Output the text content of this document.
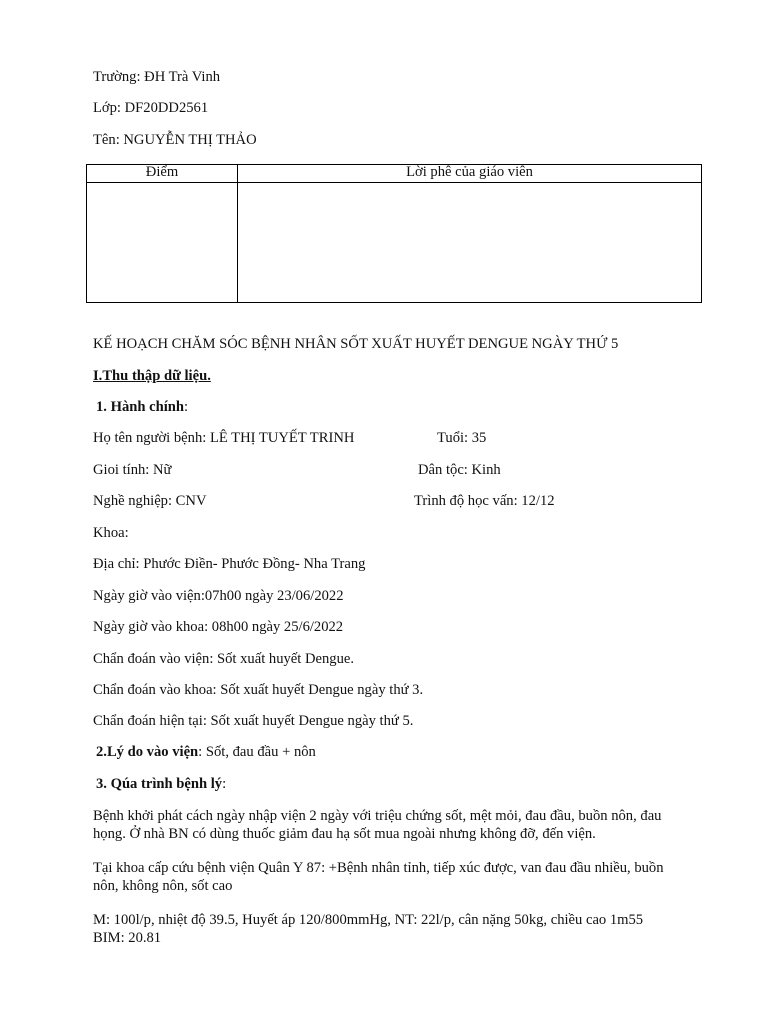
Trường: ĐH Trà Vinh
Lớp: DF20DD2561
Tên: NGUYỄN THỊ THẢO
Điểm	Lời phê của giáo viên
KẾ HOẠCH CHĂM SÓC BỆNH NHÂN SỐT XUẤT HUYẾT DENGUE NGÀY THỨ 5
I.Thu thập dữ liệu.
1. Hành chính:
Họ tên người bệnh: LÊ THỊ TUYẾT TRINH	Tuổi: 35
Gioi tính: Nữ	Dân tộc: Kinh
Nghề nghiệp: CNV	Trình độ học vấn: 12/12
Khoa:
Địa chỉ: Phước Điền- Phước Đồng- Nha Trang
Ngày giờ vào viện:07h00 ngày 23/06/2022
Ngày giờ vào khoa: 08h00 ngày 25/6/2022
Chẩn đoán vào viện: Sốt xuất huyết Dengue.
Chẩn đoán vào khoa: Sốt xuất huyết Dengue ngày thứ 3.
Chẩn đoán hiện tại: Sốt xuất huyết Dengue ngày thứ 5.
2.Lý do vào viện: Sốt, đau đầu + nôn
3. Qúa trình bệnh lý:
Bệnh khởi phát cách ngày nhập viện 2 ngày với triệu chứng sốt, mệt mỏi, đau đầu, buồn nôn, đau họng. Ở nhà BN có dùng thuốc giảm đau hạ sốt mua ngoài nhưng không đỡ, đến viện.
Tại khoa cấp cứu bệnh viện Quân Y 87: +Bệnh nhân tỉnh, tiếp xúc được, van đau đầu nhiều, buồn nôn, không nôn, sốt cao
M: 100l/p, nhiệt độ 39.5, Huyết áp 120/800mmHg, NT: 22l/p, cân nặng 50kg, chiều cao 1m55
BIM: 20.81
